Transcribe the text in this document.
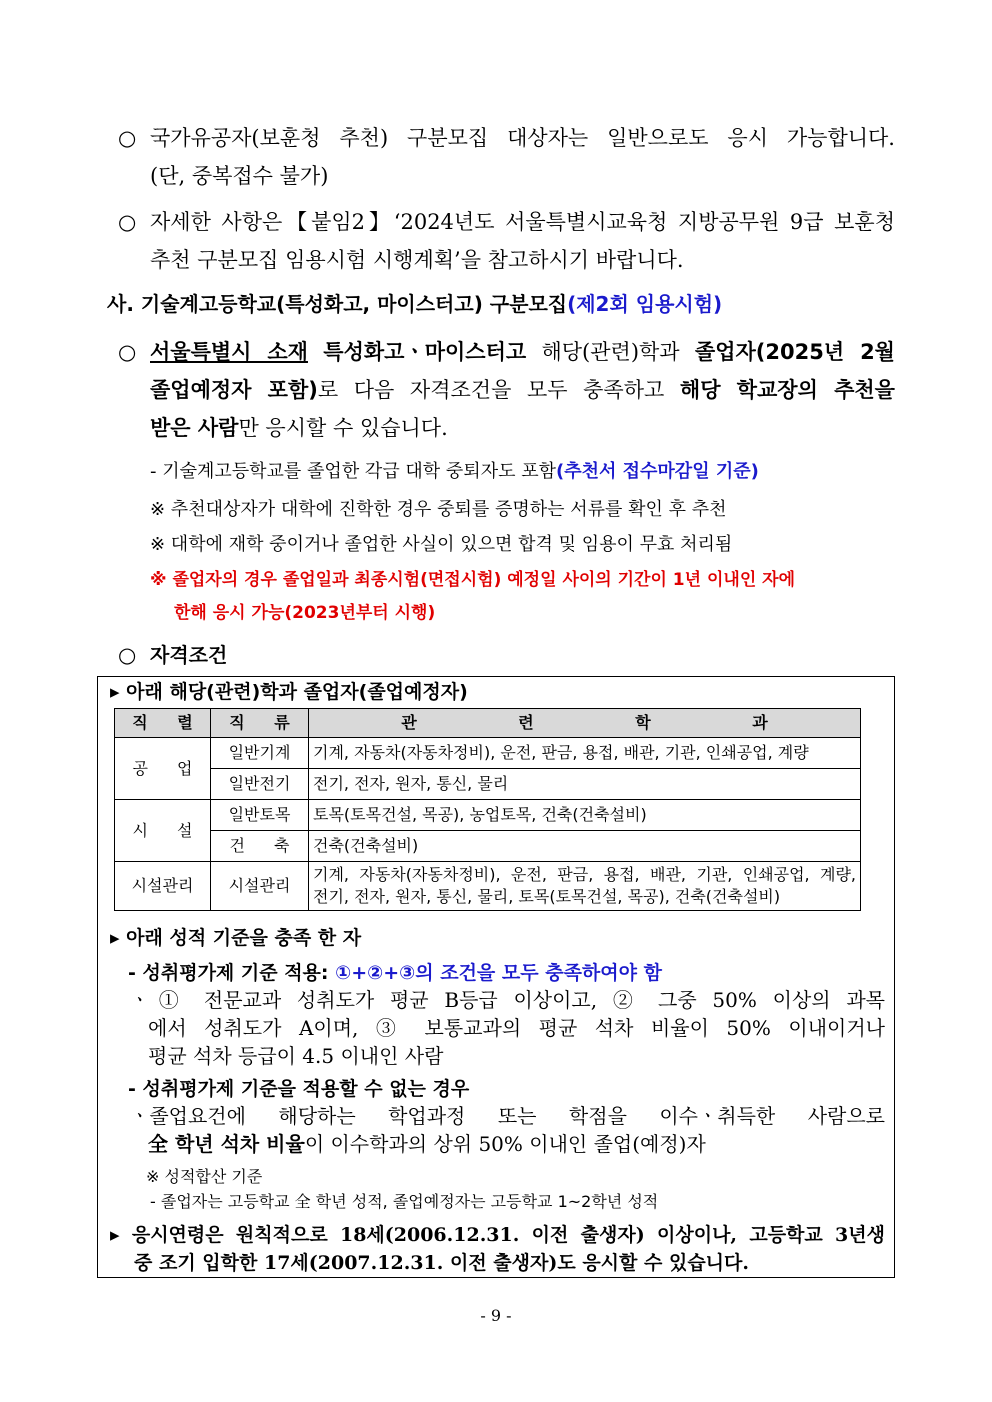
○ 국가유공자(보훈청 추천) 구분모집 대상자는 일반으로도 응시 가능합니다.
(단, 중복접수 불가)
○ 자세한 사항은【붙임2】‘2024년도 서울특별시교육청 지방공무원 9급 보훈청
추천 구분모집 임용시험 시행계획’을 참고하시기 바랍니다.
사. 기술계고등학교(특성화고, 마이스터고) 구분모집(제2회 임용시험)
○ 서울특별시 소재 특성화고ㆍ마이스터고 해당(관련)학과 졸업자(2025년 2월
졸업예정자 포함)로 다음 자격조건을 모두 충족하고 해당 학교장의 추천을
받은 사람만 응시할 수 있습니다.
- 기술계고등학교를 졸업한 각급 대학 중퇴자도 포함(추천서 접수마감일 기준)
※ 추천대상자가 대학에 진학한 경우 중퇴를 증명하는 서류를 확인 후 추천
※ 대학에 재학 중이거나 졸업한 사실이 있으면 합격 및 임용이 무효 처리됨
※ 졸업자의 경우 졸업일과 최종시험(면접시험) 예정일 사이의 기간이 1년 이내인 자에
한해 응시 가능(2023년부터 시행)
○ 자격조건
▸ 아래 해당(관련)학과 졸업자(졸업예정자)
직 렬	직 류	관 련 학 과
공 업	일반기계	기계, 자동차(자동차정비), 운전, 판금, 용접, 배관, 기관, 인쇄공업, 계량
	일반전기	전기, 전자, 원자, 통신, 물리
시 설	일반토목	토목(토목건설, 목공), 농업토목, 건축(건축설비)
	건 축	건축(건축설비)
시설관리	시설관리	기계, 자동차(자동차정비), 운전, 판금, 용접, 배관, 기관, 인쇄공업, 계량,
전기, 전자, 원자, 통신, 물리, 토목(토목건설, 목공), 건축(건축설비)
▸ 아래 성적 기준을 충족 한 자
- 성취평가제 기준 적용: ①+②+③의 조건을 모두 충족하여야 함
ㆍ① 전문교과 성취도가 평균 B등급 이상이고, ② 그중 50% 이상의 과목
에서 성취도가 A이며, ③ 보통교과의 평균 석차 비율이 50% 이내이거나
평균 석차 등급이 4.5 이내인 사람
- 성취평가제 기준을 적용할 수 없는 경우
ㆍ졸업요건에 해당하는 학업과정 또는 학점을 이수ㆍ취득한 사람으로
全 학년 석차 비율이 이수학과의 상위 50% 이내인 졸업(예정)자
※ 성적합산 기준
- 졸업자는 고등학교 全 학년 성적, 졸업예정자는 고등학교 1~2학년 성적
▸ 응시연령은 원칙적으로 18세(2006.12.31. 이전 출생자) 이상이나, 고등학교 3년생
중 조기 입학한 17세(2007.12.31. 이전 출생자)도 응시할 수 있습니다.
- 9 -
